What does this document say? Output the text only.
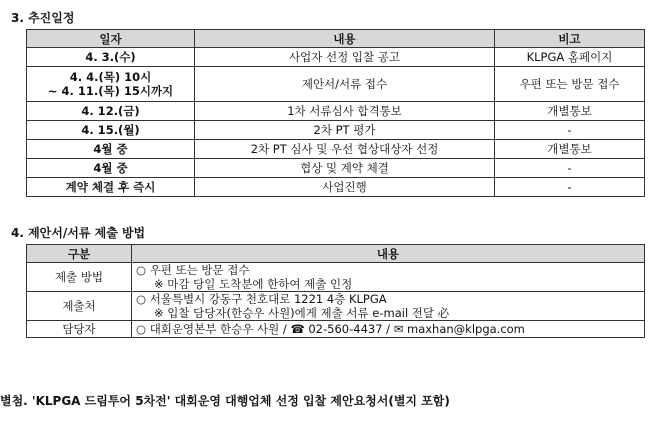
3. 추진일정
일자	내용	비고
4. 3.(수)	사업자 선정 입찰 공고	KLPGA 홈페이지

4. 4.(목) 10시
~ 4. 11.(목) 15시까지	제안서/서류 접수	우편 또는 방문 접수
4. 12.(금)	1차 서류심사 합격통보	개별통보
4. 15.(월)	2차 PT 평가	-
4월 중	2차 PT 심사 및 우선 협상대상자 선정	개별통보
4월 중	협상 및 계약 체결	-
계약 체결 후 즉시	사업진행	-
4. 제안서/서류 제출 방법
구분	내용
제출 방법	○ 우편 또는 방문 접수
※ 마감 당일 도착분에 한하여 제출 인정

제출처	○ 서울특별시 강동구 천호대로 1221 4층 KLPGA
※ 입찰 담당자(한승우 사원)에게 제출 서류 e-mail 전달 必

담당자	○ 대회운영본부 한승우 사원 / ☎ 02-560-4437 / ✉ maxhan@klpga.com

별첨. 'KLPGA 드림투어 5차전' 대회운영 대행업체 선정 입찰 제안요청서(별지 포함)
